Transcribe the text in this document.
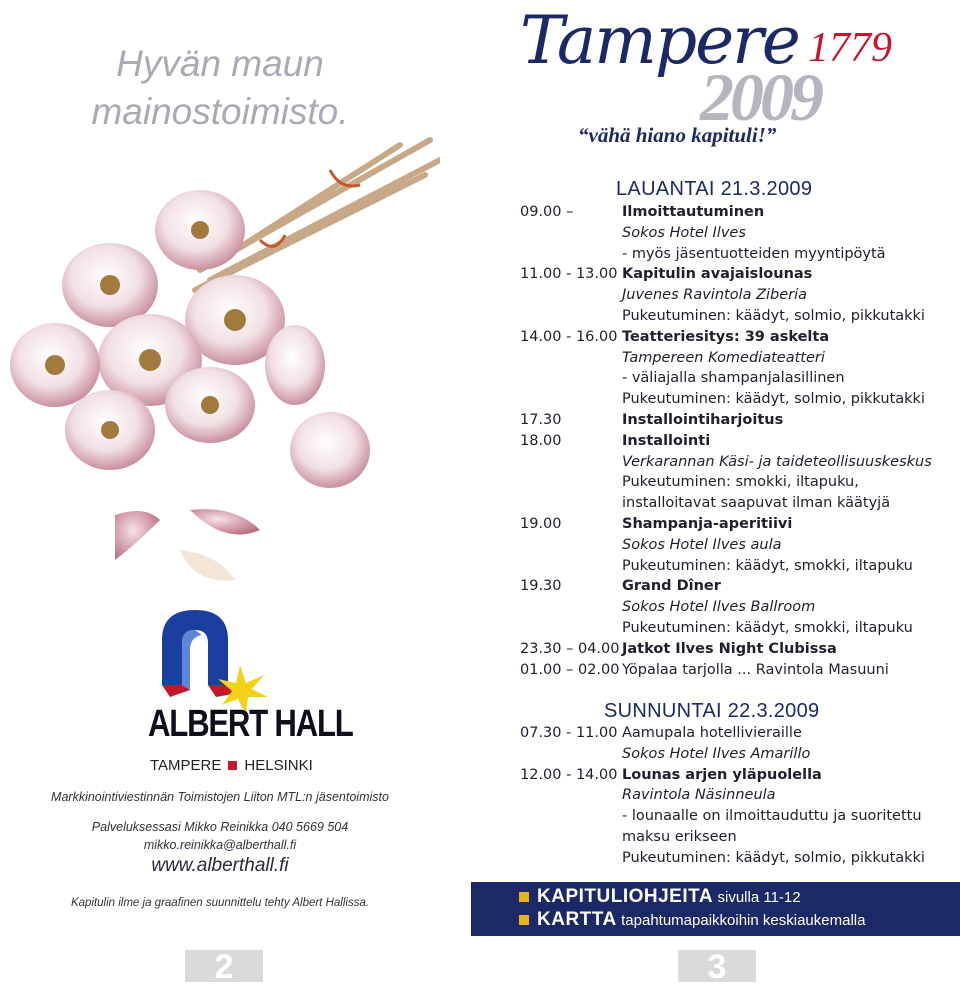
Hyvän maun
mainostoimisto.
ALBERT HALL
TAMPERE HELSINKI
Markkinointiviestinnän Toimistojen Liiton MTL:n jäsentoimisto
Palveluksessasi Mikko Reinikka 040 5669 504
mikko.reinikka@alberthall.fi
www.alberthall.fi
Kapitulin ilme ja graafinen suunnittelu tehty Albert Hallissa.
2
Tampere
2009
1779
“vähä hiano kapituli!”
LAUANTAI 21.3.2009
09.00 –	Ilmoittautuminen
Sokos Hotel Ilves
- myös jäsentuotteiden myyntipöytä
11.00 - 13.00 Kapitulin avajaislounas
Juvenes Ravintola Ziberia
Pukeutuminen: käädyt, solmio, pikkutakki
14.00 - 16.00 Teatteriesitys: 39 askelta
Tampereen Komediateatteri
- väliajalla shampanjalasillinen
Pukeutuminen: käädyt, solmio, pikkutakki
17.30	Installointiharjoitus
18.00	Installointi
Verkarannan Käsi- ja taideteollisuuskeskus
Pukeutuminen: smokki, iltapuku,
installoitavat saapuvat ilman käätyjä
19.00	Shampanja-aperitiivi
Sokos Hotel Ilves aula
Pukeutuminen: käädyt, smokki, iltapuku
19.30	Grand Dîner
Sokos Hotel Ilves Ballroom
Pukeutuminen: käädyt, smokki, iltapuku
23.30 – 04.00 Jatkot Ilves Night Clubissa
01.00 – 02.00 Yöpalaa tarjolla ... Ravintola Masuuni
SUNNUNTAI 22.3.2009
07.30 - 11.00 Aamupala hotellivieraille
Sokos Hotel Ilves Amarillo
12.00 - 14.00 Lounas arjen yläpuolella
Ravintola Näsinneula
- lounaalle on ilmoittauduttu ja suoritettu
maksu erikseen
Pukeutuminen: käädyt, solmio, pikkutakki
KAPITULIOHJEITA sivulla 11-12
KARTTA tapahtumapaikkoihin keskiaukemalla
3
